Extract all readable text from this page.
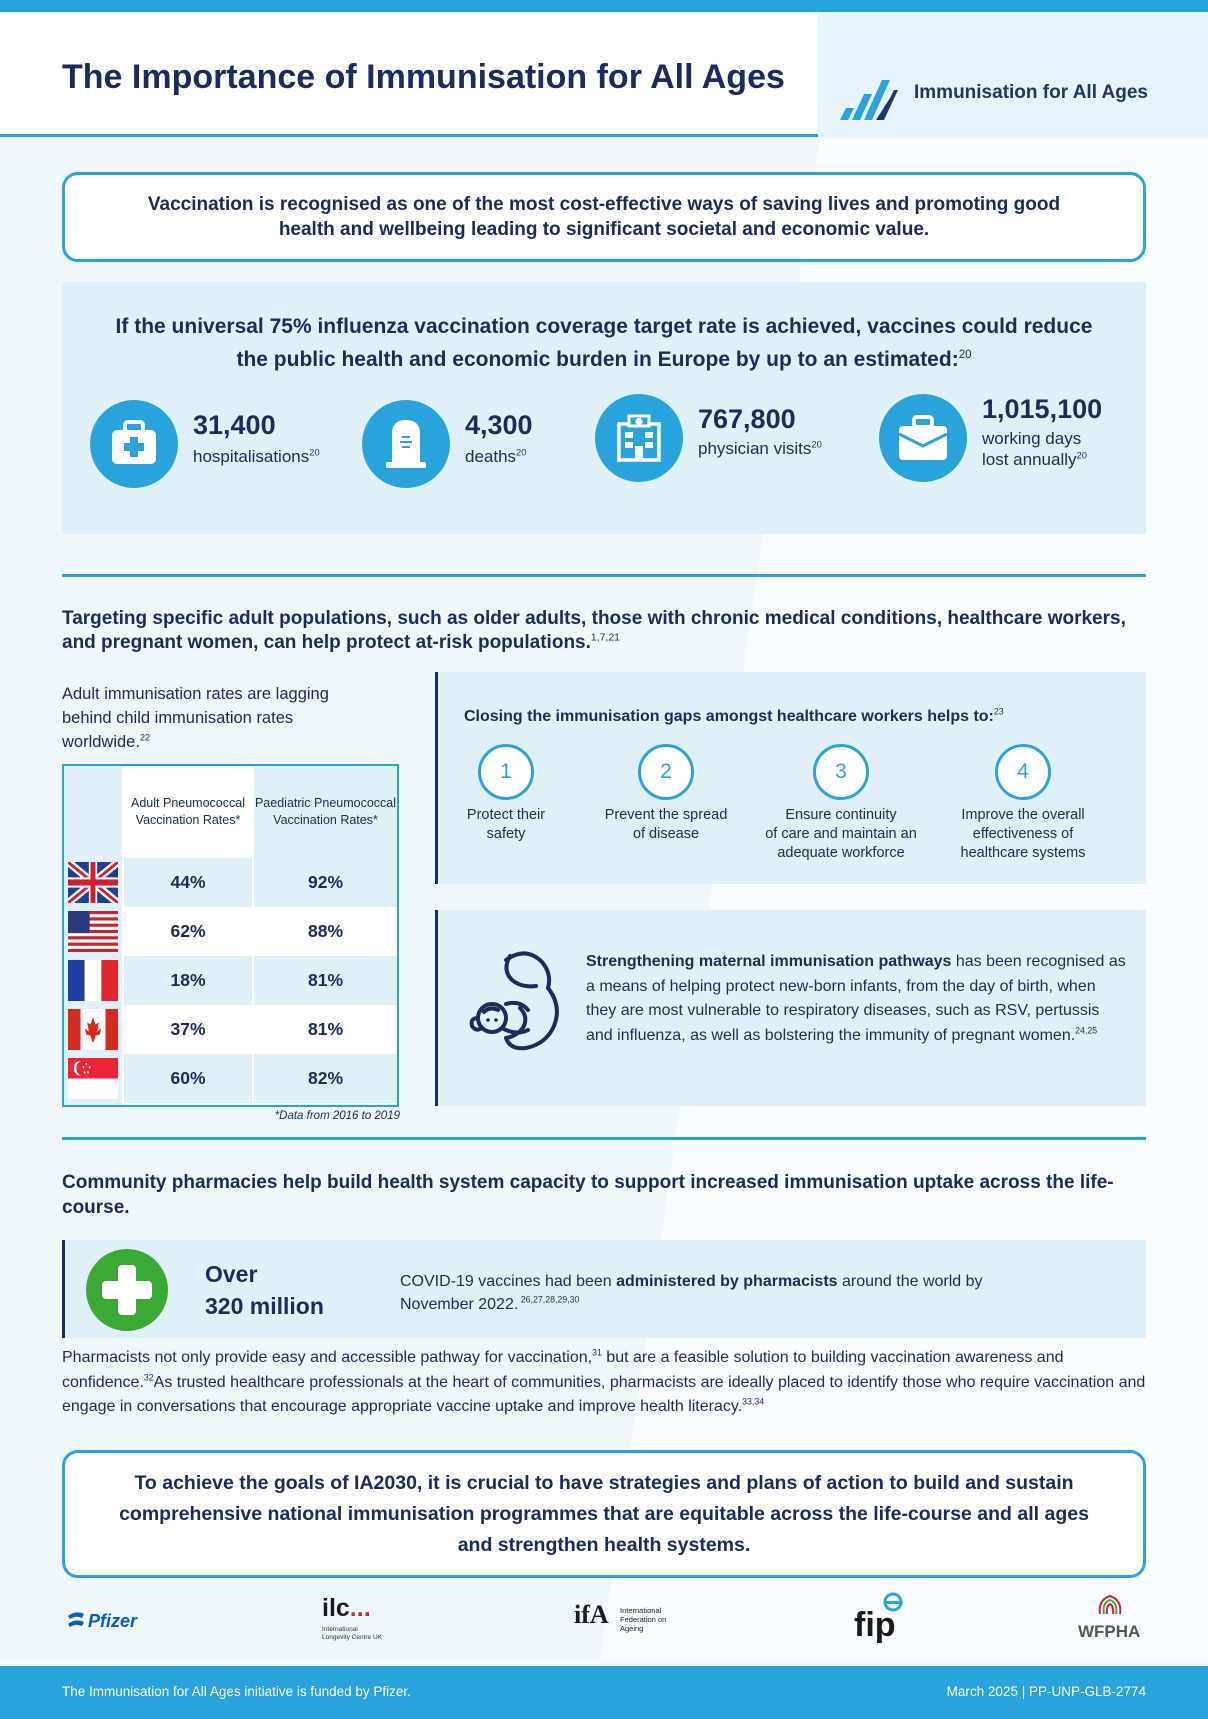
The Importance of Immunisation for All Ages	Immunisation for All Ages

Vaccination is recognised as one of the most cost-effective ways of saving lives and promoting good health and wellbeing leading to significant societal and economic value.

If the universal 75% influenza vaccination coverage target rate is achieved, vaccines could reduce the public health and economic burden in Europe by up to an estimated:$^{20}$
31,400
hospitalisations$^{20}$
4,300
deaths$^{20}$
767,800
physician visits$^{20}$
1,015,100
working days
lost annually$^{20}$
Targeting specific adult populations, such as older adults, those with chronic medical conditions, healthcare workers, and pregnant women, can help protect at-risk populations.$^{1,7,21}$
Adult immunisation rates are lagging behind child immunisation rates worldwide.$^{22}$
Adult Pneumococcal Vaccination Rates*
Paediatric Pneumococcal Vaccination Rates*
44%	92%
62%	88%
18%	81%
37%	81%
60%	82%
*Data from 2016 to 2019
Closing the immunisation gaps amongst healthcare workers helps to:$^{23}$
1
Protect their
safety
2
Prevent the spread
of disease
3
Ensure continuity
of care and maintain an
adequate workforce
4
Improve the overall
effectiveness of
healthcare systems
Strengthening maternal immunisation pathways has been recognised as a means of helping protect new-born infants, from the day of birth, when they are most vulnerable to respiratory diseases, such as RSV, pertussis and influenza, as well as bolstering the immunity of pregnant women.$^{24,25}$
Community pharmacies help build health system capacity to support increased immunisation uptake across the life-course.
Over
320 million
COVID-19 vaccines had been administered by pharmacists around the world by November 2022. $^{26,27,28,29,30}$
Pharmacists not only provide easy and accessible pathway for vaccination,$^{31}$ but are a feasible solution to building vaccination awareness and confidence.$^{32}$As trusted healthcare professionals at the heart of communities, pharmacists are ideally placed to identify those who require vaccination and engage in conversations that encourage appropriate vaccine uptake and improve health literacy.$^{33,34}$

To achieve the goals of IA2030, it is crucial to have strategies and plans of action to build and sustain comprehensive national immunisation programmes that are equitable across the life-course and all ages and strengthen health systems.

Pfizer	ilc...
International
Longevity Centre UK
ifA International
Federation on
Ageing	fip	WFPHA
The Immunisation for All Ages initiative is funded by Pfizer.	March 2025 | PP-UNP-GLB-2774
